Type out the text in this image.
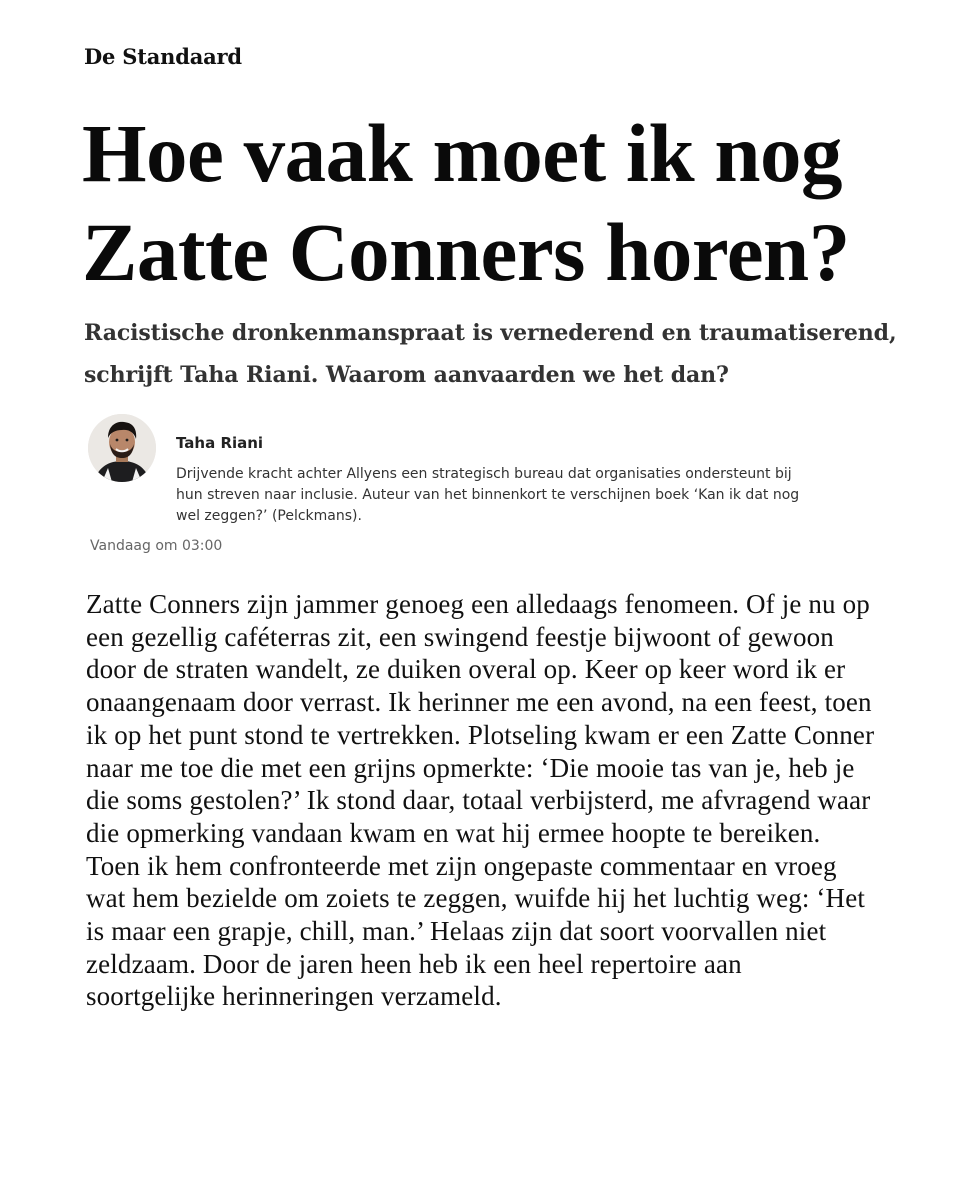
De Standaard
Hoe vaak moet ik nog Zatte Conners horen?

Racistische dronkenmanspraat is vernederend en traumatiserend, schrijft Taha Riani. Waarom aanvaarden we het dan?

Taha Riani

Drijvende kracht achter Allyens een strategisch bureau dat organisaties ondersteunt bij hun streven naar inclusie. Auteur van het binnenkort te verschijnen boek ‘Kan ik dat nog wel zeggen?’ (Pelckmans).

Vandaag om 03:00

Zatte Conners zijn jammer genoeg een alledaags fenomeen. Of je nu op een gezellig caféterras zit, een swingend feestje bijwoont of gewoon door de straten wandelt, ze duiken overal op. Keer op keer word ik er onaangenaam door verrast. Ik herinner me een avond, na een feest, toen ik op het punt stond te vertrekken. Plotseling kwam er een Zatte Conner naar me toe die met een grijns opmerkte: ‘Die mooie tas van je, heb je die soms gestolen?’ Ik stond daar, totaal verbijsterd, me afvragend waar die opmerking vandaan kwam en wat hij ermee hoopte te bereiken. Toen ik hem confronteerde met zijn ongepaste commentaar en vroeg wat hem bezielde om zoiets te zeggen, wuifde hij het luchtig weg: ‘Het is maar een grapje, chill, man.’ Helaas zijn dat soort voorvallen niet zeldzaam. Door de jaren heen heb ik een heel repertoire aan soortgelijke herinneringen verzameld.
